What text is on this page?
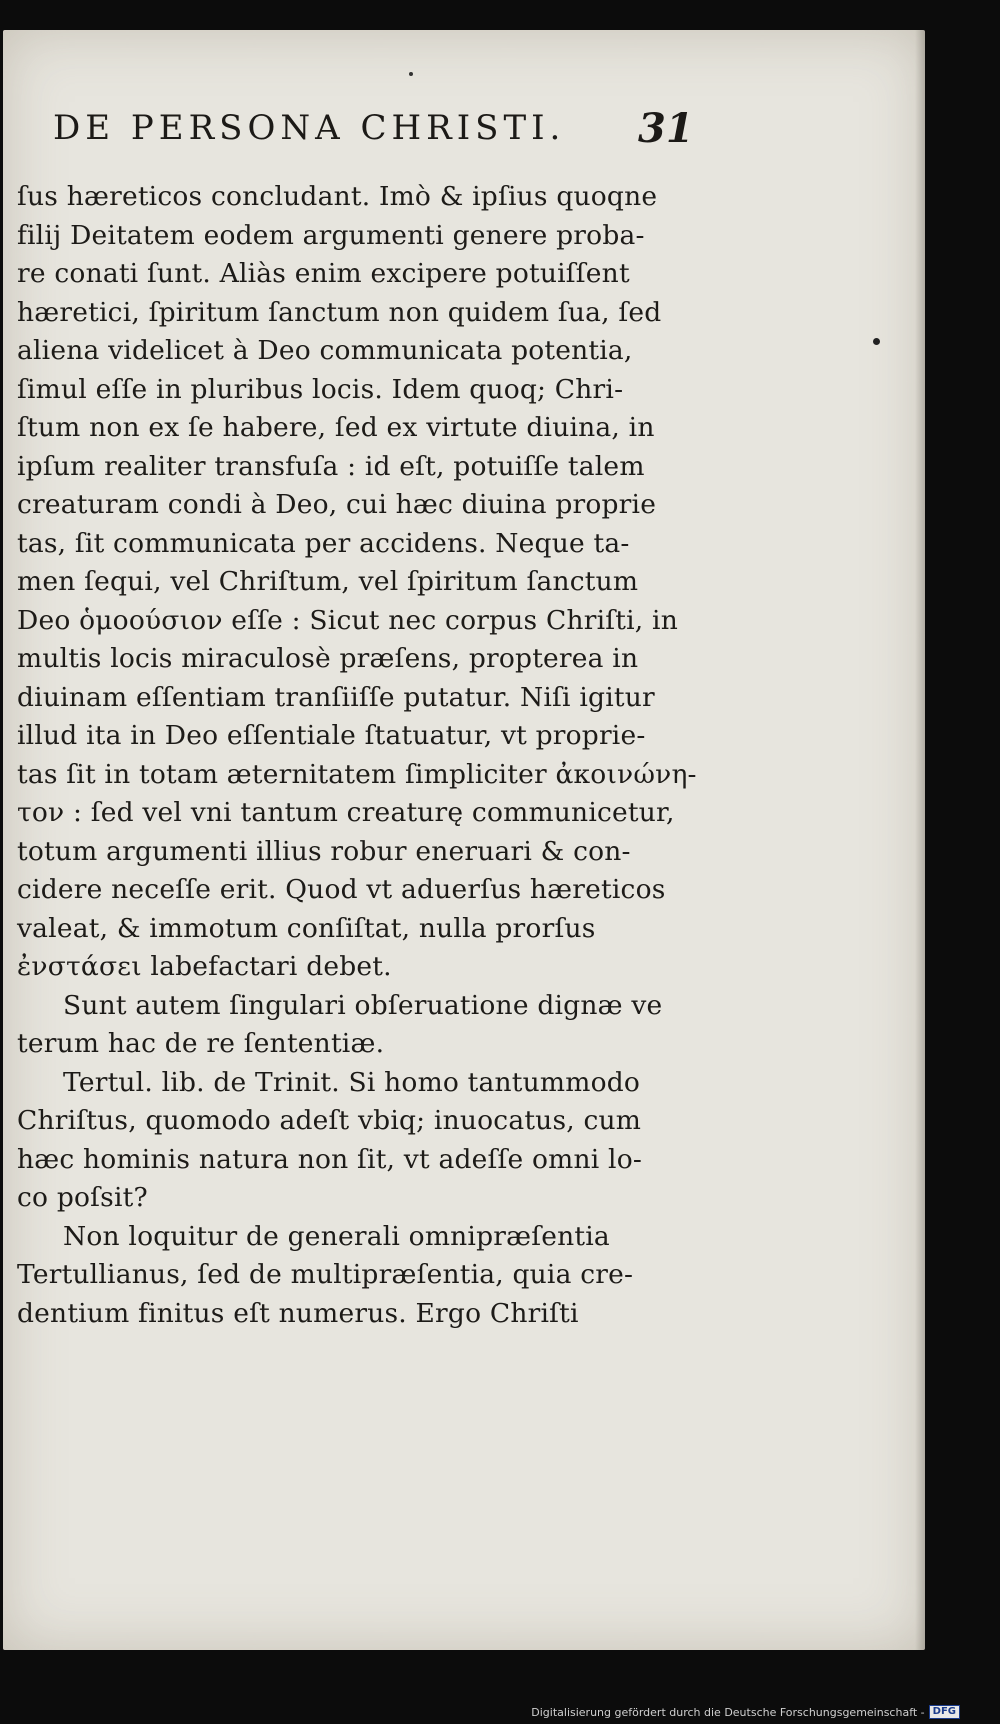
DE PERSONA CHRISTI. 31
ſus hæreticos concludant. Imò & ipſius quoqne
filij Deitatem eodem argumenti genere proba-
re conati ſunt. Aliàs enim excipere potuiſſent
hæretici, ſpiritum ſanctum non quidem ſua, ſed
aliena videlicet à Deo communicata potentia,
ſimul eſſe in pluribus locis. Idem quoq; Chri-
ſtum non ex ſe habere, ſed ex virtute diuina, in
ipſum realiter transfuſa : id eſt, potuiſſe talem
creaturam condi à Deo, cui hæc diuina proprie
tas, ſit communicata per accidens. Neque ta-
men ſequi, vel Chriſtum, vel ſpiritum ſanctum
Deo ὁμοούσιον eſſe : Sicut nec corpus Chriſti, in
multis locis miraculosè præſens, propterea in
diuinam eſſentiam tranſiiſſe putatur. Niſi igitur
illud ita in Deo eſſentiale ſtatuatur, vt proprie-
tas ſit in totam æternitatem ſimpliciter ἀκοινώνη-
τον : ſed vel vni tantum creaturę communicetur,
totum argumenti illius robur eneruari & con-
cidere neceſſe erit. Quod vt aduerſus hæreticos
valeat, & immotum conſiſtat, nulla prorſus
ἐνστάσει labefactari debet.
Sunt autem ſingulari obſeruatione dignæ ve
terum hac de re ſententiæ.
Tertul. lib. de Trinit. Si homo tantummodo
Chriſtus, quomodo adeſt vbiq; inuocatus, cum
hæc hominis natura non ſit, vt adeſſe omni lo-
co poſsit?
Non loquitur de generali omnipræſentia
Tertullianus, ſed de multipræſentia, quia cre-
dentium finitus eſt numerus. Ergo Chriſti
Digitalisierung gefördert durch die Deutsche Forschungsgemeinschaft - DFG
